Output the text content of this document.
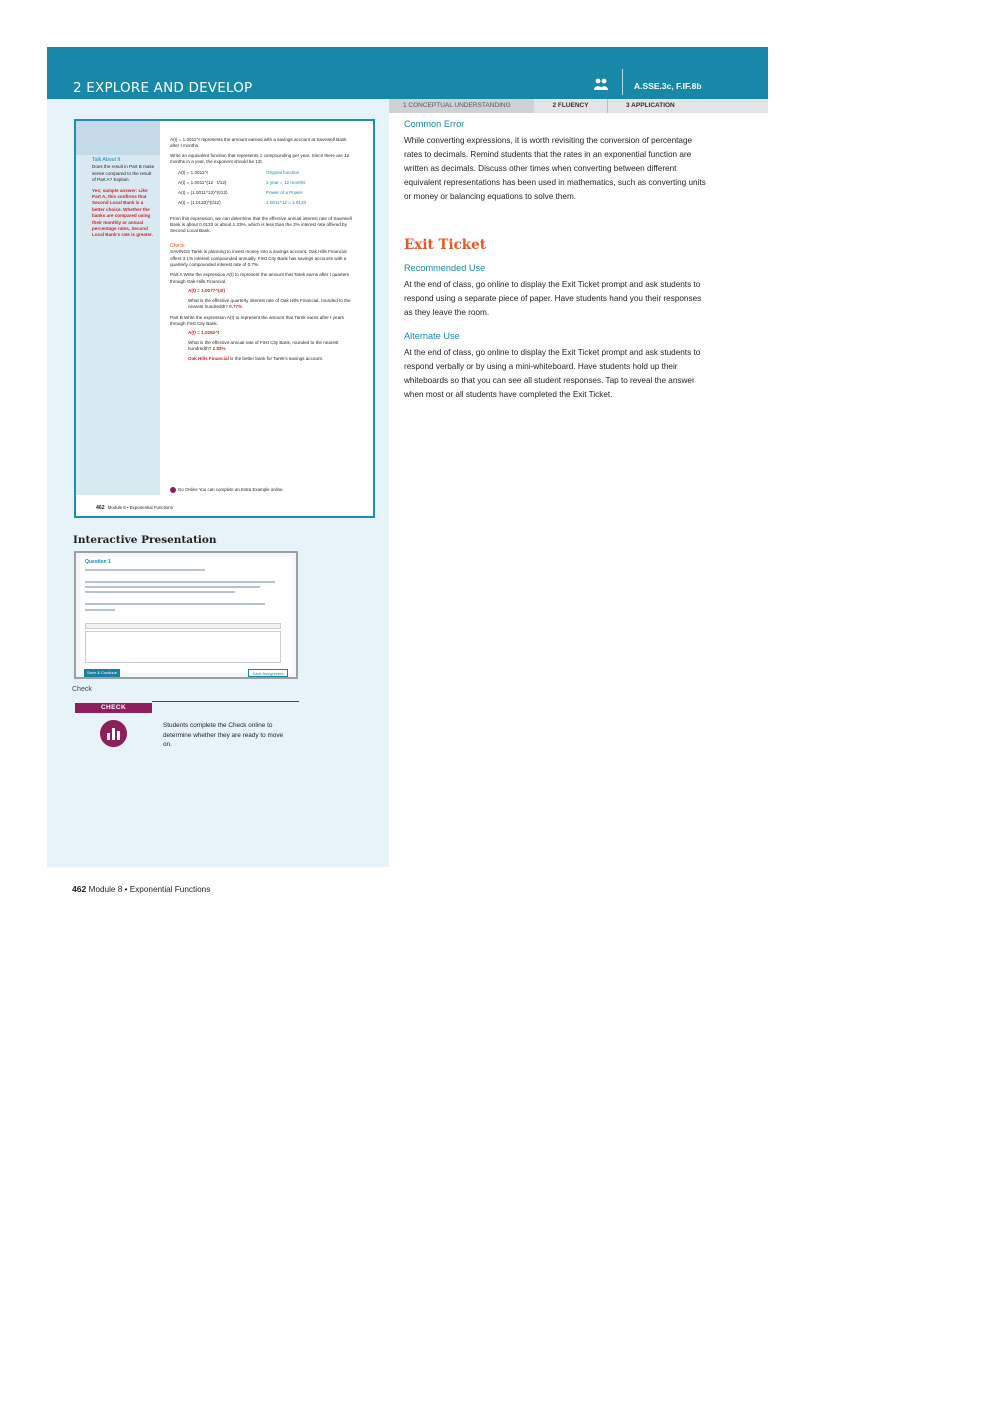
2 EXPLORE AND DEVELOP	A.SSE.3c, F.IF.8b
1 CONCEPTUAL UNDERSTANDING	2 FLUENCY	3 APPLICATION
Talk About It
Does the result in Part B make sense compared to the result of Part A? Explain.
Yes; sample answer: Like Part A, this confirms that Second Local Bank is a better choice. Whether the banks are compared using their monthly or annual percentage rates, Second Local Bank's rate is greater.

A(t) = 1.0011^t represents the amount earned with a savings account at Savewell Bank after t months.

Write an equivalent function that represents 1 compounding per year. Since there are 12 months in a year, the exponent should be 12t.

A(t) = 1.0011^t	Original function
A(t) = 1.0011^(12 · t/12)	1 year = 12 months
A(t) = (1.0011^12)^(t/12)	Power of a Power
A(t) = (1.0133)^(t/12)	1.0011^12 ≈ 1.0133

From this expression, we can determine that the effective annual interest rate of Savewell Bank is about 0.0133 or about 1.33%, which is less than the 2% interest rate offered by Second Local Bank.

Check

SAVINGS Tarek is planning to invest money into a savings account. Oak Hills Financial offers 3.1% interest compounded annually. First City Bank has savings accounts with a quarterly compounded interest rate of 0.7%.

Part A Write the expression A(t) to represent the amount that Tarek earns after t quarters through Oak Hills Financial.

A(t) = 1.0077^(4t)

What is the effective quarterly interest rate of Oak Hills Financial, rounded to the nearest hundredth? 0.77%

Part B Write the expression A(t) to represent the amount that Tarek earns after t years through First City Bank.

A(t) = 1.0282^t

What is the effective annual rate of First City Bank, rounded to the nearest hundredth? 2.83%

Oak Hills Financial is the better bank for Tarek's savings account.

Go Online You can complete an Extra Example online.
462 Module 8 • Exponential Functions
Interactive Presentation
Question 1
Save & Continue	Save Assignment
Check
CHECK
Students complete the Check online to determine whether they are ready to move on.
Common Error
While converting expressions, it is worth revisiting the conversion of percentage rates to decimals. Remind students that the rates in an exponential function are written as decimals. Discuss other times when converting between different equivalent representations has been used in mathematics, such as converting units or money or balancing equations to solve them.
Exit Ticket
Recommended Use
At the end of class, go online to display the Exit Ticket prompt and ask students to respond using a separate piece of paper. Have students hand you their responses as they leave the room.
Alternate Use
At the end of class, go online to display the Exit Ticket prompt and ask students to respond verbally or by using a mini-whiteboard. Have students hold up their whiteboards so that you can see all student responses. Tap to reveal the answer when most or all students have completed the Exit Ticket.
462 Module 8 • Exponential Functions
